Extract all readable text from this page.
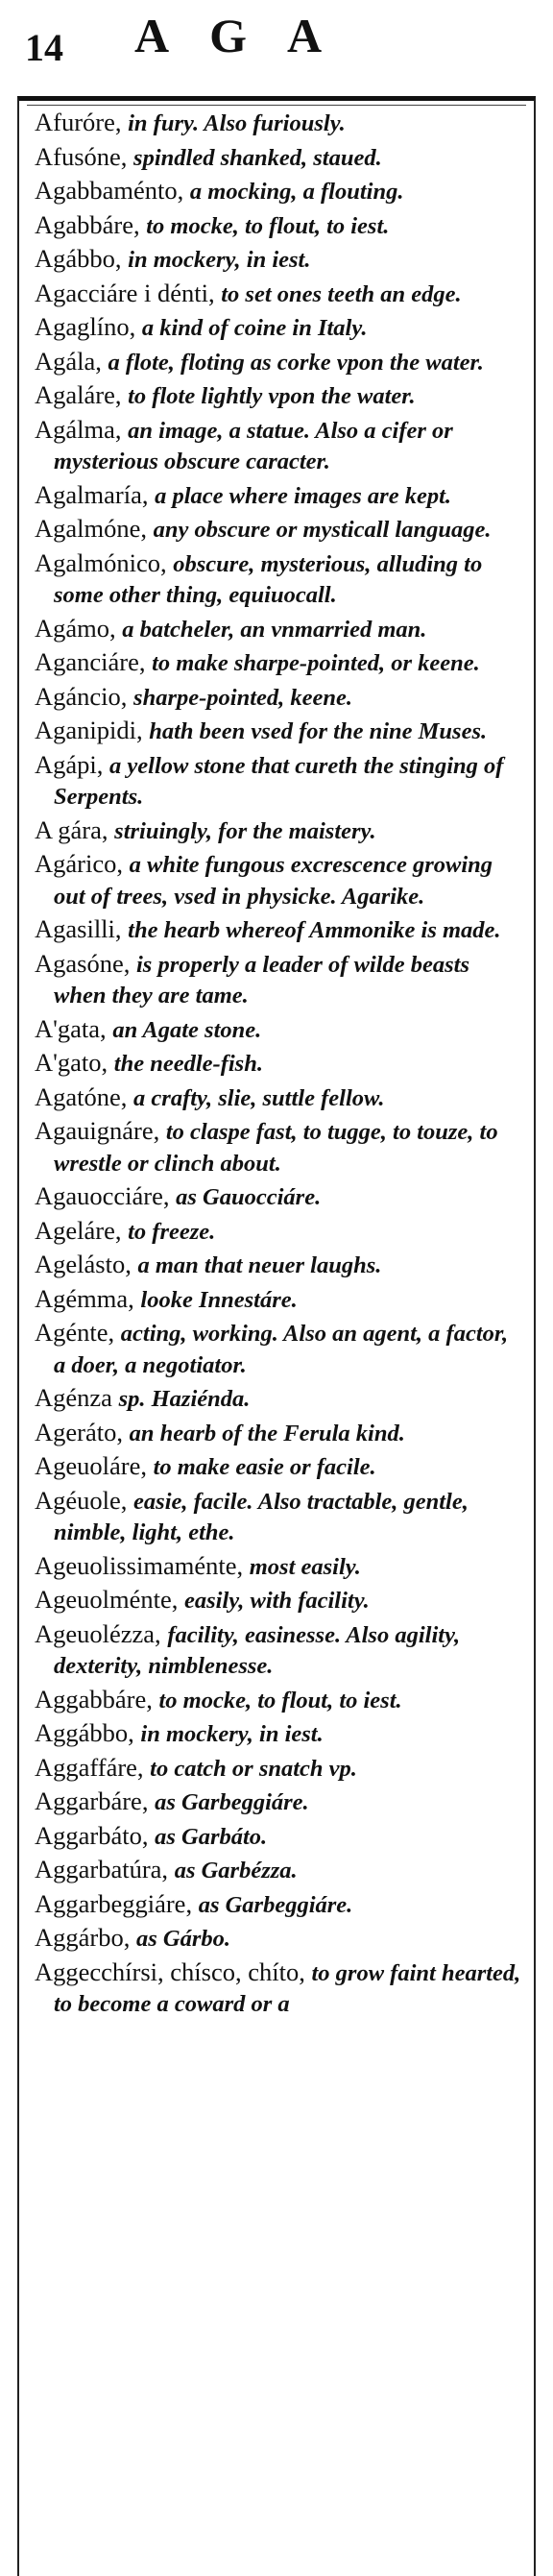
14 AGA
Afuróre, in fury. Also furiously.
Afusóne, spindled shanked, staued.
Agabbaménto, a mocking, a flouting.
Agabbáre, to mocke, to flout, to iest.
Agábbo, in mockery, in iest.
Agacciáre i dénti, to set ones teeth an edge.
Agaglíno, a kind of coine in Italy.
Agála, a flote, floting as corke vpon the water.
Agaláre, to flote lightly vpon the water.
Agálma, an image, a statue. Also a cifer or mysterious obscure caracter.
Agalmaría, a place where images are kept.
Agalmóne, any obscure or mysticall language.
Agalmónico, obscure, mysterious, alluding to some other thing, equiuocall.
Agámo, a batcheler, an vnmarried man.
Aganciáre, to make sharpe-pointed, or keene.
Agáncio, sharpe-pointed, keene.
Aganipidi, hath been vsed for the nine Muses.
Agápi, a yellow stone that cureth the stinging of Serpents.
A gára, striuingly, for the maistery.
Agárico, a white fungous excrescence growing out of trees, vsed in physicke. Agarike.
Agasilli, the hearb whereof Ammonike is made.
Agasóne, is properly a leader of wilde beasts when they are tame.
A'gata, an Agate stone.
A'gato, the needle-fish.
Agatóne, a crafty, slie, suttle fellow.
Agauignáre, to claspe fast, to tugge, to touze, to wrestle or clinch about.
Agauocciáre, as Gauocciáre.
Ageláre, to freeze.
Agelásto, a man that neuer laughs.
Agémma, looke Innestáre.
Agénte, acting, working. Also an agent, a factor, a doer, a negotiator.
Agénza sp. Haziénda.
Ageráto, an hearb of the Ferula kind.
Ageuoláre, to make easie or facile.
Agéuole, easie, facile. Also tractable, gentle, nimble, light, ethe.
Ageuolissimaménte, most easily.
Ageuolménte, easily, with facility.
Ageuolézza, facility, easinesse. Also agility, dexterity, nimblenesse.
Aggabbáre, to mocke, to flout, to iest.
Aggábbo, in mockery, in iest.
Aggaffáre, to catch or snatch vp.
Aggarbáre, as Garbeggiáre.
Aggarbáto, as Garbáto.
Aggarbatúra, as Garbézza.
Aggarbeggiáre, as Garbeggiáre.
Aggárbo, as Gárbo.
Aggecchírsi, chísco, chíto, to grow faint hearted, to become a coward or a
